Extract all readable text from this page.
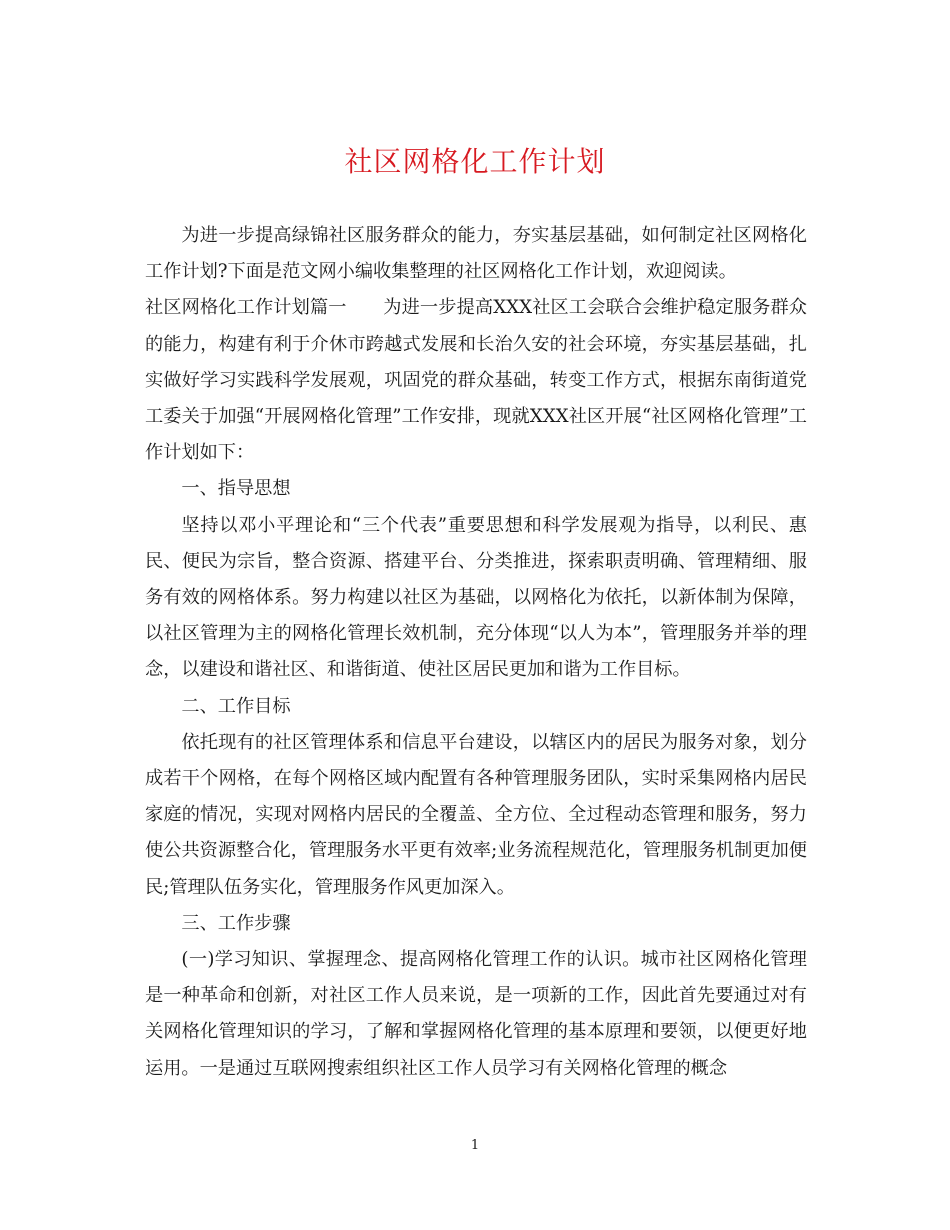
社区网格化工作计划

为进一步提高绿锦社区服务群众的能力，夯实基层基础，如何制定社区网格化工作计划?下面是范文网小编收集整理的社区网格化工作计划，欢迎阅读。

社区网格化工作计划篇一　　为进一步提高XXX社区工会联合会维护稳定服务群众的能力，构建有利于介休市跨越式发展和长治久安的社会环境，夯实基层基础，扎实做好学习实践科学发展观，巩固党的群众基础，转变工作方式，根据东南街道党工委关于加强“开展网格化管理”工作安排，现就XXX社区开展“社区网格化管理”工作计划如下：

一、指导思想

坚持以邓小平理论和“三个代表”重要思想和科学发展观为指导，以利民、惠民、便民为宗旨，整合资源、搭建平台、分类推进，探索职责明确、管理精细、服务有效的网格体系。努力构建以社区为基础，以网格化为依托，以新体制为保障，以社区管理为主的网格化管理长效机制，充分体现“以人为本”，管理服务并举的理念，以建设和谐社区、和谐街道、使社区居民更加和谐为工作目标。

二、工作目标

依托现有的社区管理体系和信息平台建设，以辖区内的居民为服务对象，划分成若干个网格，在每个网格区域内配置有各种管理服务团队，实时采集网格内居民家庭的情况，实现对网格内居民的全覆盖、全方位、全过程动态管理和服务，努力使公共资源整合化，管理服务水平更有效率;业务流程规范化，管理服务机制更加便民;管理队伍务实化，管理服务作风更加深入。

三、工作步骤

(一)学习知识、掌握理念、提高网格化管理工作的认识。城市社区网格化管理是一种革命和创新，对社区工作人员来说，是一项新的工作，因此首先要通过对有关网格化管理知识的学习，了解和掌握网格化管理的基本原理和要领，以便更好地运用。一是通过互联网搜索组织社区工作人员学习有关网格化管理的概念

1
